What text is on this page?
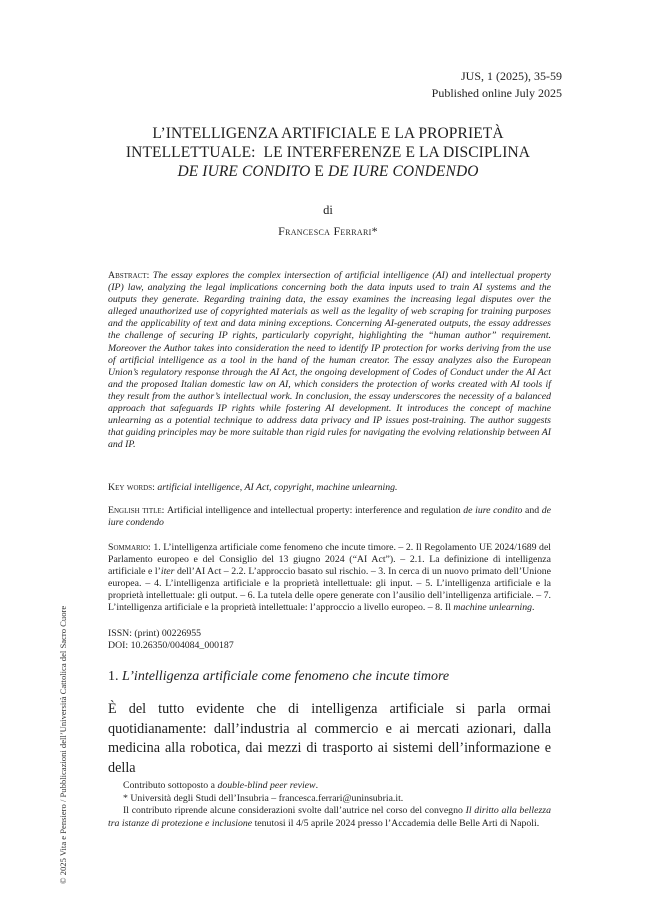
JUS, 1 (2025), 35-59
Published online July 2025
L’INTELLIGENZA ARTIFICIALE E LA PROPRIETÀ
INTELLETTUALE:  LE INTERFERENZE E LA DISCIPLINA
DE IURE CONDITO E DE IURE CONDENDO
di
Francesca Ferrari*
Abstract: The essay explores the complex intersection of artificial intelligence (AI) and intellectual property (IP) law, analyzing the legal implications concerning both the data inputs used to train AI systems and the outputs they generate. Regarding training data, the essay examines the increasing legal disputes over the alleged unauthorized use of copyrighted materials as well as the legality of web scraping for training purposes and the applicability of text and data mining exceptions. Concerning AI-generated outputs, the essay addresses the challenge of securing IP rights, particularly copyright, highlighting the “human author” requirement. Moreover the Author takes into consideration the need to identify IP protection for works deriving from the use of artificial intelligence as a tool in the hand of the human creator. The essay analyzes also the European Union’s regulatory response through the AI Act, the ongoing development of Codes of Conduct under the AI Act and the proposed Italian domestic law on AI, which considers the protection of works created with AI tools if they result from the author’s intellectual work. In conclusion, the essay underscores the necessity of a balanced approach that safeguards IP rights while fostering AI development. It introduces the concept of machine unlearning as a potential technique to address data privacy and IP issues post-training. The author suggests that guiding principles may be more suitable than rigid rules for navigating the evolving relationship between AI and IP.
Key words: artificial intelligence, AI Act, copyright, machine unlearning.
English title: Artificial intelligence and intellectual property: interference and regulation de iure condito and de iure condendo
Sommario: 1. L’intelligenza artificiale come fenomeno che incute timore. – 2. Il Regolamento UE 2024/1689 del Parlamento europeo e del Consiglio del 13 giugno 2024 (“AI Act”). – 2.1. La definizione di intelligenza artificiale e l’iter dell’AI Act – 2.2. L’approccio basato sul rischio. – 3. In cerca di un nuovo primato dell’Unione europea. – 4. L’intelligenza artificiale e la proprietà intellettuale: gli input. – 5. L’intelligenza artificiale e la proprietà intellettuale: gli output. – 6. La tutela delle opere generate con l’ausilio dell’intelligenza artificiale. – 7. L’intelligenza artificiale e la proprietà intellettuale: l’approccio a livello europeo. – 8. Il machine unlearning.
ISSN: (print) 00226955
DOI: 10.26350/004084_000187
1. L’intelligenza artificiale come fenomeno che incute timore
È del tutto evidente che di intelligenza artificiale si parla ormai quotidianamente: dall’industria al commercio e ai mercati azionari, dalla medicina alla robotica, dai mezzi di trasporto ai sistemi dell’informazione e della

Contributo sottoposto a double-blind peer review.

* Università degli Studi dell’Insubria – francesca.ferrari@uninsubria.it.

Il contributo riprende alcune considerazioni svolte dall’autrice nel corso del convegno Il diritto alla bellezza tra istanze di protezione e inclusione tenutosi il 4/5 aprile 2024 presso l’Accademia delle Belle Arti di Napoli.

© 2025 Vita e Pensiero / Pubblicazioni dell’Università Cattolica del Sacro Cuore
